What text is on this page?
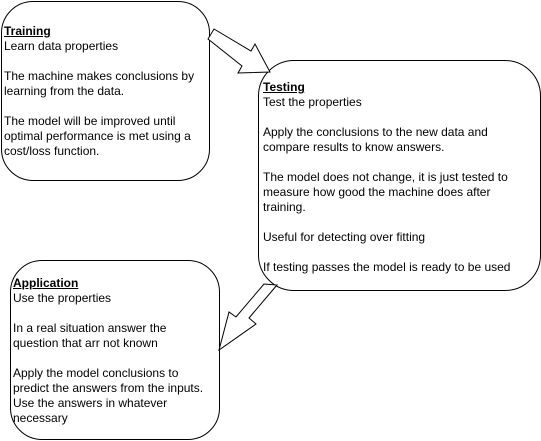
Training
Learn data properties
The machine makes conclusions by
learning from the data.
The model will be improved until
optimal performance is met using a
cost/loss function.
Testing
Test the properties
Apply the conclusions to the new data and
compare results to know answers.
The model does not change, it is just tested to
measure how good the machine does after
training.
Useful for detecting over fitting
If testing passes the model is ready to be used
Application
Use the properties
In a real situation answer the
question that arr not known
Apply the model conclusions to
predict the answers from the inputs.
Use the answers in whatever
necessary
